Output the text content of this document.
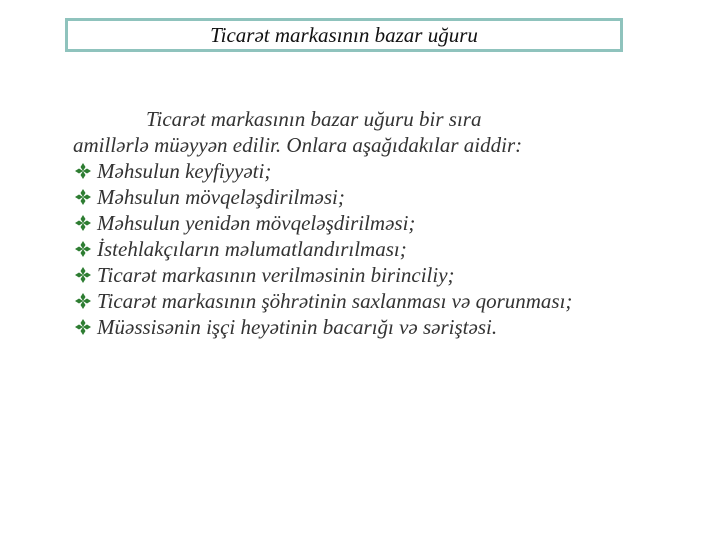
Ticarət markasının bazar uğuru

Ticarət markasının bazar uğuru bir sıra
amillərlə müəyyən edilir. Onlara aşağıdakılar aiddir:

Məhsulun keyfiyyəti;
Məhsulun mövqeləşdirilməsi;
Məhsulun yenidən mövqeləşdirilməsi;
İstehlakçıların məlumatlandırılması;
Ticarət markasının verilməsinin birinciliy;
Ticarət markasının şöhrətinin saxlanması və qorunması;
Müəssisənin işçi heyətinin bacarığı və səriştəsi.
